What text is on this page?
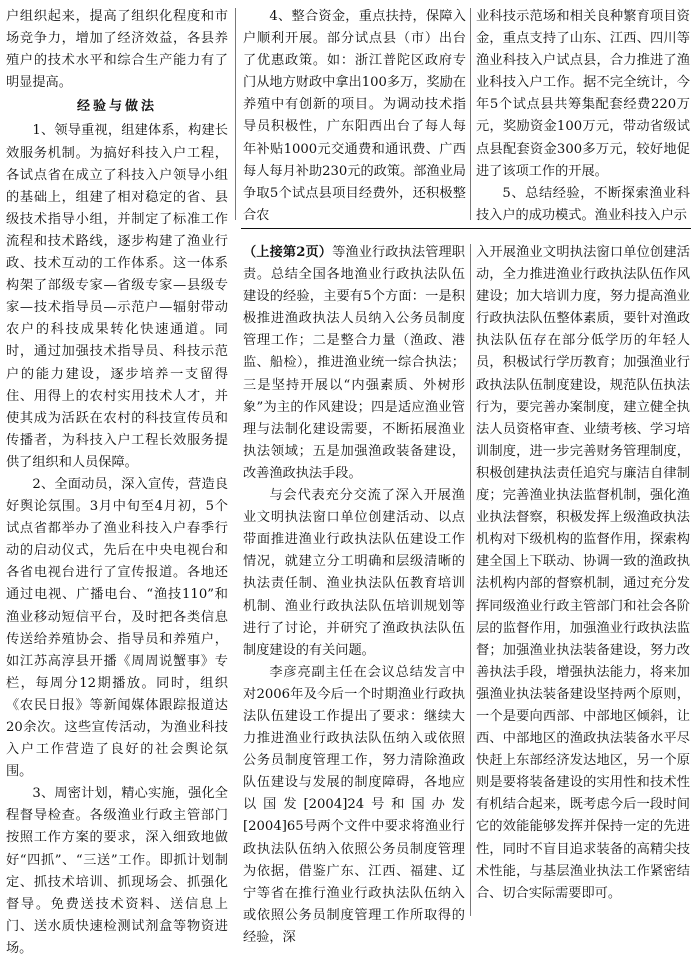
户组织起来，提高了组织化程度和市场竞争力，增加了经济效益，各县养殖户的技术水平和综合生产能力有了明显提高。
经验与做法
1、领导重视，组建体系，构建长效服务机制。为搞好科技入户工程，各试点省在成立了科技入户领导小组的基础上，组建了相对稳定的省、县级技术指导小组，并制定了标准工作流程和技术路线，逐步构建了渔业行政、技术互动的工作体系。这一体系构架了部级专家—省级专家—县级专家—技术指导员—示范户—辐射带动农户的科技成果转化快速通道。同时，通过加强技术指导员、科技示范户的能力建设，逐步培养一支留得住、用得上的农村实用技术人才，并使其成为活跃在农村的科技宣传员和传播者，为科技入户工程长效服务提供了组织和人员保障。
2、全面动员，深入宣传，营造良好舆论氛围。3月中旬至4月初，5个试点省都举办了渔业科技入户春季行动的启动仪式，先后在中央电视台和各省电视台进行了宣传报道。各地还通过电视、广播电台、“渔技110”和渔业移动短信平台，及时把各类信息传送给养殖协会、指导员和养殖户，如江苏高淳县开播《周周说蟹事》专栏，每周分12期播放。同时，组织《农民日报》等新闻媒体跟踪报道达20余次。这些宣传活动，为渔业科技入户工作营造了良好的社会舆论氛围。
3、周密计划，精心实施，强化全程督导检查。各级渔业行政主管部门按照工作方案的要求，深入细致地做好“四抓”、“三送”工作。即抓计划制定、抓技术培训、抓现场会、抓强化督导。免费送技术资料、送信息上门、送水质快速检测试剂盒等物资进场。
4、整合资金，重点扶持，保障入户顺利开展。部分试点县（市）出台了优惠政策。如：浙江普陀区政府专门从地方财政中拿出100多万，奖励在养殖中有创新的项目。为调动技术指导员积极性，广东阳西出台了每人每年补贴1000元交通费和通讯费、广西每人每月补助230元的政策。部渔业局争取5个试点县项目经费外，还积极整合农
业科技示范场和相关良种繁育项目资金，重点支持了山东、江西、四川等渔业科技入户试点县，合力推进了渔业科技入户工作。据不完全统计，今年5个试点县共筹集配套经费220万元，奖励资金100万元，带动省级试点县配套资金300多万元，较好地促进了该项工作的开展。
5、总结经验，不断探索渔业科技入户的成功模式。渔业科技入户示
（上接第2页）等渔业行政执法管理职责。总结全国各地渔业行政执法队伍建设的经验，主要有5个方面：一是积极推进渔政执法人员纳入公务员制度管理工作；二是整合力量（渔政、港监、船检），推进渔业统一综合执法；三是坚持开展以“内强素质、外树形象”为主的作风建设；四是适应渔业管理与法制化建设需要，不断拓展渔业执法领域；五是加强渔政装备建设，改善渔政执法手段。
与会代表充分交流了深入开展渔业文明执法窗口单位创建活动、以点带面推进渔业行政执法队伍建设工作情况，就建立分工明确和层级清晰的执法责任制、渔业执法队伍教育培训机制、渔业行政执法队伍培训规划等进行了讨论，并研究了渔政执法队伍制度建设的有关问题。
李彦亮副主任在会议总结发言中对2006年及今后一个时期渔业行政执法队伍建设工作提出了要求：继续大力推进渔业行政执法队伍纳入或依照公务员制度管理工作，努力清除渔政队伍建设与发展的制度障碍，各地应以国发[2004]24号和国办发[2004]65号两个文件中要求将渔业行政执法队伍纳入依照公务员制度管理为依据，借鉴广东、江西、福建、辽宁等省在推行渔业行政执法队伍纳入或依照公务员制度管理工作所取得的经验，深
入开展渔业文明执法窗口单位创建活动，全力推进渔业行政执法队伍作风建设；加大培训力度，努力提高渔业行政执法队伍整体素质，要针对渔政执法队伍存在部分低学历的年轻人员，积极试行学历教育；加强渔业行政执法队伍制度建设，规范队伍执法行为，要完善办案制度，建立健全执法人员资格审查、业绩考核、学习培训制度，进一步完善财务管理制度，积极创建执法责任追究与廉洁自律制度；完善渔业执法监督机制，强化渔业执法督察，积极发挥上级渔政执法机构对下级机构的监督作用，探索构建全国上下联动、协调一致的渔政执法机构内部的督察机制，通过充分发挥同级渔业行政主管部门和社会各阶层的监督作用，加强渔业行政执法监督；加强渔业执法装备建设，努力改善执法手段，增强执法能力，将来加强渔业执法装备建设坚持两个原则，一个是要向西部、中部地区倾斜，让西、中部地区的渔政执法装备水平尽快赶上东部经济发达地区，另一个原则是要将装备建设的实用性和技术性有机结合起来，既考虑今后一段时间它的效能能够发挥并保持一定的先进性，同时不盲目追求装备的高精尖技术性能，与基层渔业执法工作紧密结合、切合实际需要即可。
